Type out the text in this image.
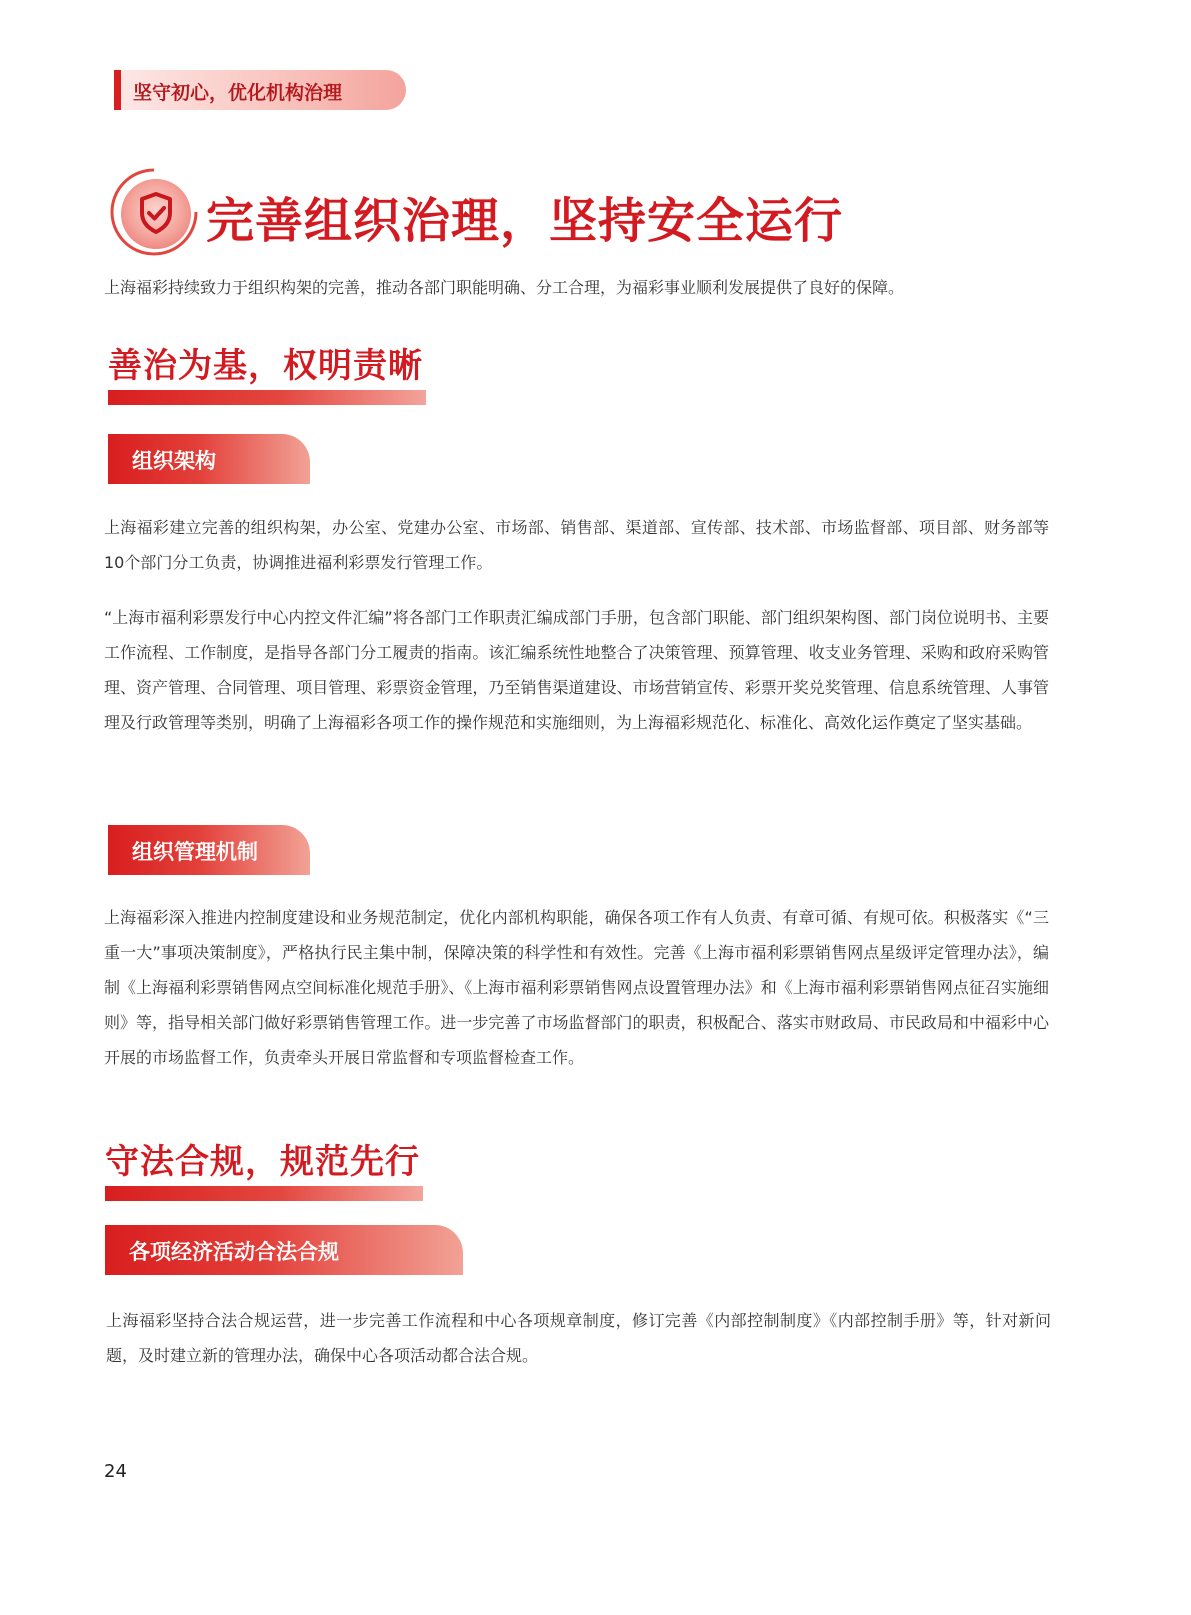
坚守初心，优化机构治理
完善组织治理，坚持安全运行

上海福彩持续致力于组织构架的完善，推动各部门职能明确、分工合理，为福彩事业顺利发展提供了良好的保障。

善治为基，权明责晰
组织架构

上海福彩建立完善的组织构架，办公室、党建办公室、市场部、销售部、渠道部、宣传部、技术部、市场监督部、项目部、财务部等10个部门分工负责，协调推进福利彩票发行管理工作。

“上海市福利彩票发行中心内控文件汇编”将各部门工作职责汇编成部门手册，包含部门职能、部门组织架构图、部门岗位说明书、主要工作流程、工作制度，是指导各部门分工履责的指南。该汇编系统性地整合了决策管理、预算管理、收支业务管理、采购和政府采购管理、资产管理、合同管理、项目管理、彩票资金管理，乃至销售渠道建设、市场营销宣传、彩票开奖兑奖管理、信息系统管理、人事管理及行政管理等类别，明确了上海福彩各项工作的操作规范和实施细则，为上海福彩规范化、标准化、高效化运作奠定了坚实基础。

组织管理机制

上海福彩深入推进内控制度建设和业务规范制定，优化内部机构职能，确保各项工作有人负责、有章可循、有规可依。积极落实《“三重一大”事项决策制度》，严格执行民主集中制，保障决策的科学性和有效性。完善《上海市福利彩票销售网点星级评定管理办法》，编制《上海福利彩票销售网点空间标准化规范手册》、《上海市福利彩票销售网点设置管理办法》和《上海市福利彩票销售网点征召实施细则》等，指导相关部门做好彩票销售管理工作。进一步完善了市场监督部门的职责，积极配合、落实市财政局、市民政局和中福彩中心开展的市场监督工作，负责牵头开展日常监督和专项监督检查工作。

守法合规，规范先行
各项经济活动合法合规

上海福彩坚持合法合规运营，进一步完善工作流程和中心各项规章制度，修订完善《内部控制制度》《内部控制手册》等，针对新问题，及时建立新的管理办法，确保中心各项活动都合法合规。

24
